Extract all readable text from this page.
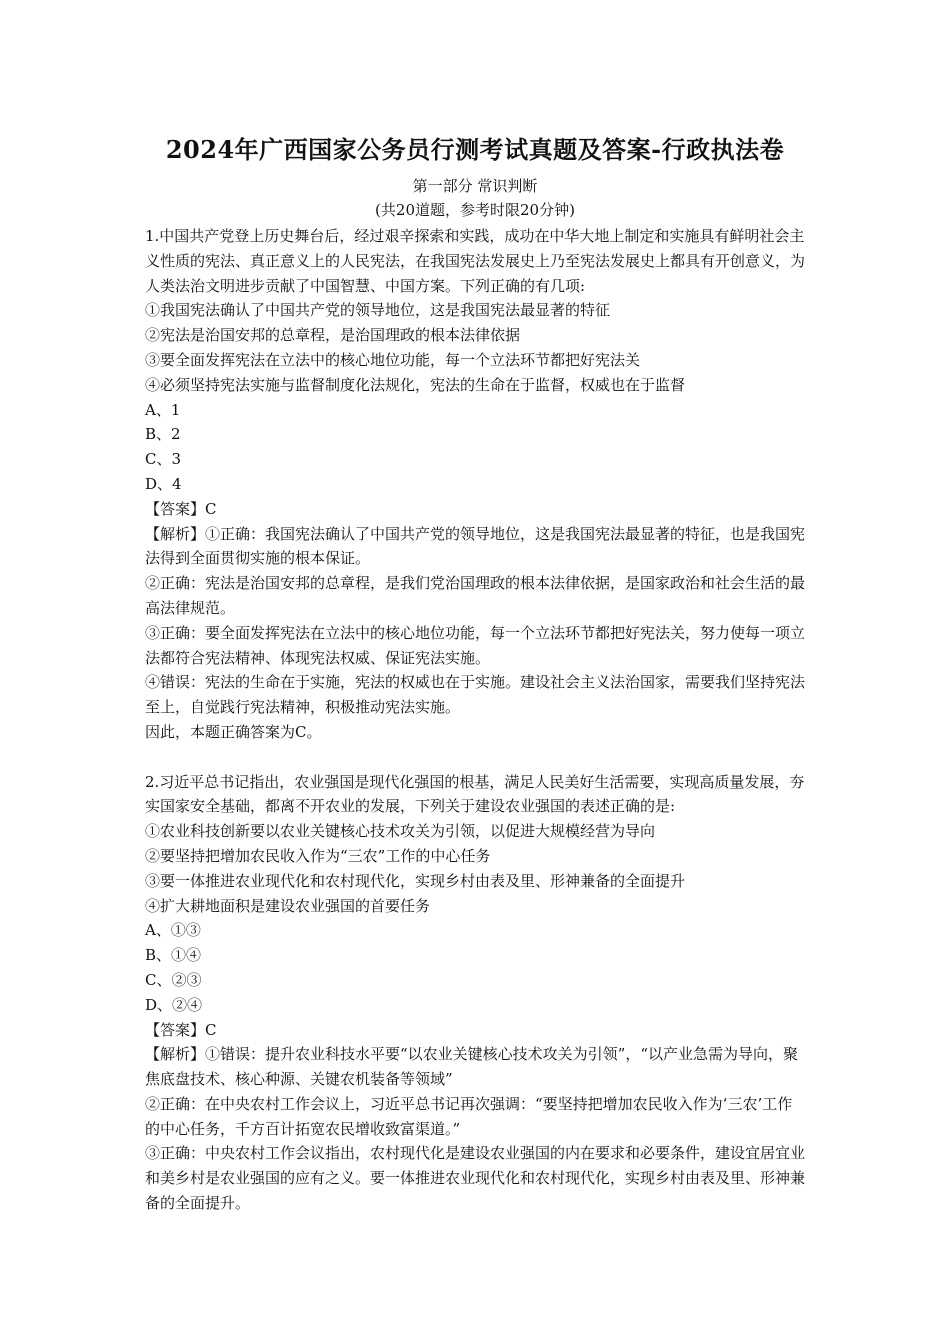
2024年广西国家公务员行测考试真题及答案-行政执法卷
第一部分 常识判断
(共20道题，参考时限20分钟)

1.中国共产党登上历史舞台后，经过艰辛探索和实践，成功在中华大地上制定和实施具有鲜明社会主义性质的宪法、真正意义上的人民宪法，在我国宪法发展史上乃至宪法发展史上都具有开创意义，为人类法治文明进步贡献了中国智慧、中国方案。下列正确的有几项:

①我国宪法确认了中国共产党的领导地位，这是我国宪法最显著的特征

②宪法是治国安邦的总章程，是治国理政的根本法律依据

③要全面发挥宪法在立法中的核心地位功能，每一个立法环节都把好宪法关

④必须坚持宪法实施与监督制度化法规化，宪法的生命在于监督，权威也在于监督

A、1

B、2

C、3

D、4

【答案】C

【解析】①正确：我国宪法确认了中国共产党的领导地位，这是我国宪法最显著的特征，也是我国宪法得到全面贯彻实施的根本保证。

②正确：宪法是治国安邦的总章程，是我们党治国理政的根本法律依据，是国家政治和社会生活的最高法律规范。

③正确：要全面发挥宪法在立法中的核心地位功能，每一个立法环节都把好宪法关，努力使每一项立法都符合宪法精神、体现宪法权威、保证宪法实施。

④错误：宪法的生命在于实施，宪法的权威也在于实施。建设社会主义法治国家，需要我们坚持宪法至上，自觉践行宪法精神，积极推动宪法实施。

因此，本题正确答案为C。

2.习近平总书记指出，农业强国是现代化强国的根基，满足人民美好生活需要，实现高质量发展，夯实国家安全基础，都离不开农业的发展，下列关于建设农业强国的表述正确的是:

①农业科技创新要以农业关键核心技术攻关为引领，以促进大规模经营为导向

②要坚持把增加农民收入作为“三农”工作的中心任务

③要一体推进农业现代化和农村现代化，实现乡村由表及里、形神兼备的全面提升

④扩大耕地面积是建设农业强国的首要任务

A、①③

B、①④

C、②③

D、②④

【答案】C

【解析】①错误：提升农业科技水平要“以农业关键核心技术攻关为引领”，“以产业急需为导向，聚焦底盘技术、核心种源、关键农机装备等领域”

②正确：在中央农村工作会议上，习近平总书记再次强调：“要坚持把增加农民收入作为‘三农’工作的中心任务，千方百计拓宽农民增收致富渠道。”

③正确：中央农村工作会议指出，农村现代化是建设农业强国的内在要求和必要条件，建设宜居宜业和美乡村是农业强国的应有之义。要一体推进农业现代化和农村现代化，实现乡村由表及里、形神兼备的全面提升。
